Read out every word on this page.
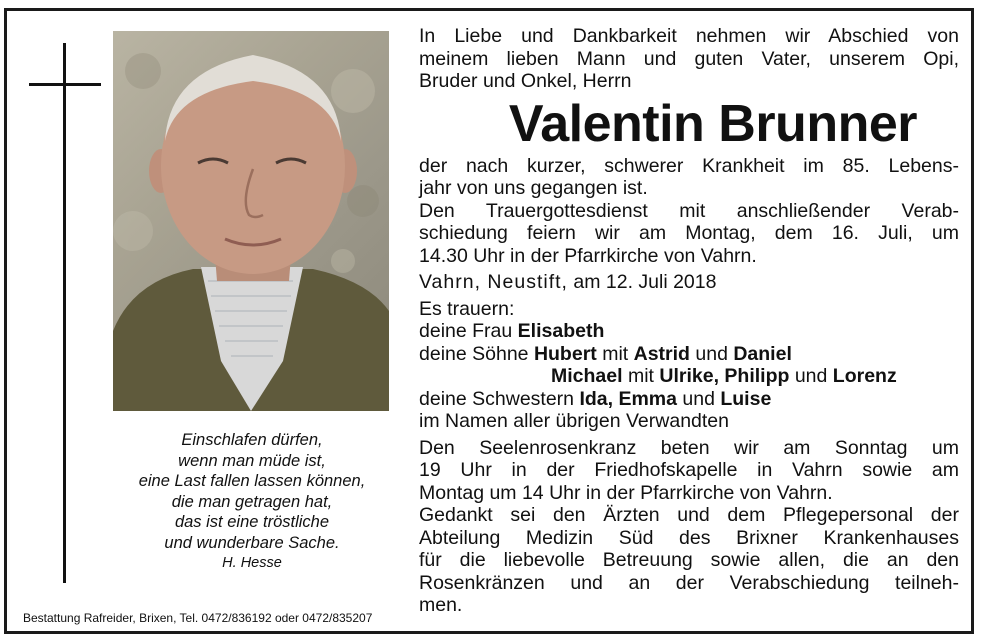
Einschlafen dürfen,
wenn man müde ist,
eine Last fallen lassen können,
die man getragen hat,
das ist eine tröstliche
und wunderbare Sache.
H. Hesse
Bestattung Rafreider, Brixen, Tel. 0472/836192 oder 0472/835207
In Liebe und Dankbarkeit nehmen wir Abschied von
meinem lieben Mann und guten Vater, unserem Opi,
Bruder und Onkel, Herrn
Valentin Brunner
der nach kurzer, schwerer Krankheit im 85. Lebens-
jahr von uns gegangen ist.
Den Trauergottesdienst mit anschließender Verab-
schiedung feiern wir am Montag, dem 16. Juli, um
14.30 Uhr in der Pfarrkirche von Vahrn.
Vahrn, Neustift, am 12. Juli 2018
Es trauern:
deine Frau Elisabeth
deine Söhne Hubert mit Astrid und Daniel
Michael mit Ulrike, Philipp und Lorenz
deine Schwestern Ida, Emma und Luise
im Namen aller übrigen Verwandten
Den Seelenrosenkranz beten wir am Sonntag um
19 Uhr in der Friedhofskapelle in Vahrn sowie am
Montag um 14 Uhr in der Pfarrkirche von Vahrn.
Gedankt sei den Ärzten und dem Pflegepersonal der
Abteilung Medizin Süd des Brixner Krankenhauses
für die liebevolle Betreuung sowie allen, die an den
Rosenkränzen und an der Verabschiedung teilneh-
men.
